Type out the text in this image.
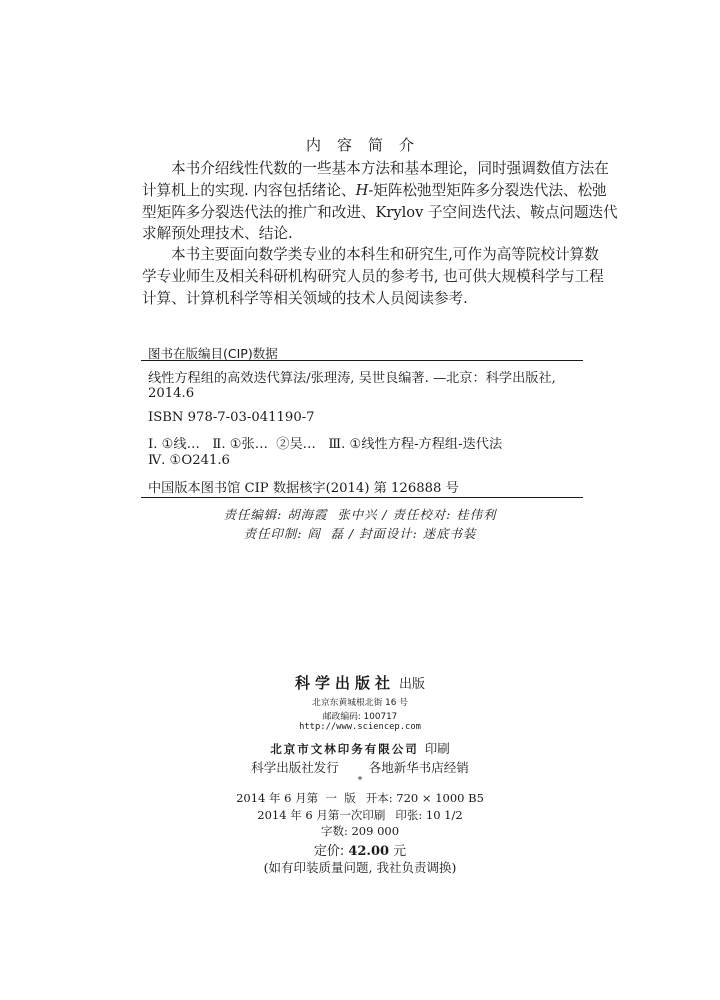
内容简介

本书介绍线性代数的一些基本方法和基本理论，同时强调数值方法在
计算机上的实现. 内容包括绪论、H-矩阵松弛型矩阵多分裂迭代法、松弛
型矩阵多分裂迭代法的推广和改进、Krylov 子空间迭代法、鞍点问题迭代
求解预处理技术、结论.

本书主要面向数学类专业的本科生和研究生,可作为高等院校计算数
学专业师生及相关科研机构研究人员的参考书, 也可供大规模科学与工程
计算、计算机科学等相关领域的技术人员阅读参考.

图书在版编目(CIP)数据
线性方程组的高效迭代算法/张理涛, 吴世良编著. —北京：科学出版社,
2014.6
ISBN 978-7-03-041190-7
Ⅰ. ①线…   Ⅱ. ①张…  ②吴…   Ⅲ. ①线性方程-方程组-迭代法
Ⅳ. ①O241.6
中国版本图书馆 CIP 数据核字(2014) 第 126888 号
责任编辑: 胡海霞  张中兴 / 责任校对: 桂伟利
责任印制: 阎  磊 / 封面设计: 迷底书装
科学出版社 出版
北京东黄城根北街 16 号
邮政编码: 100717
http://www.sciencep.com
北京市文林印务有限公司 印刷
科学出版社发行 各地新华书店经销
*
2014 年 6 月第  一  版 开本: 720 × 1000 B5
2014 年 6 月第一次印刷 印张: 10 1/2
字数: 209 000
定价: 42.00 元
(如有印装质量问题, 我社负责调换)
